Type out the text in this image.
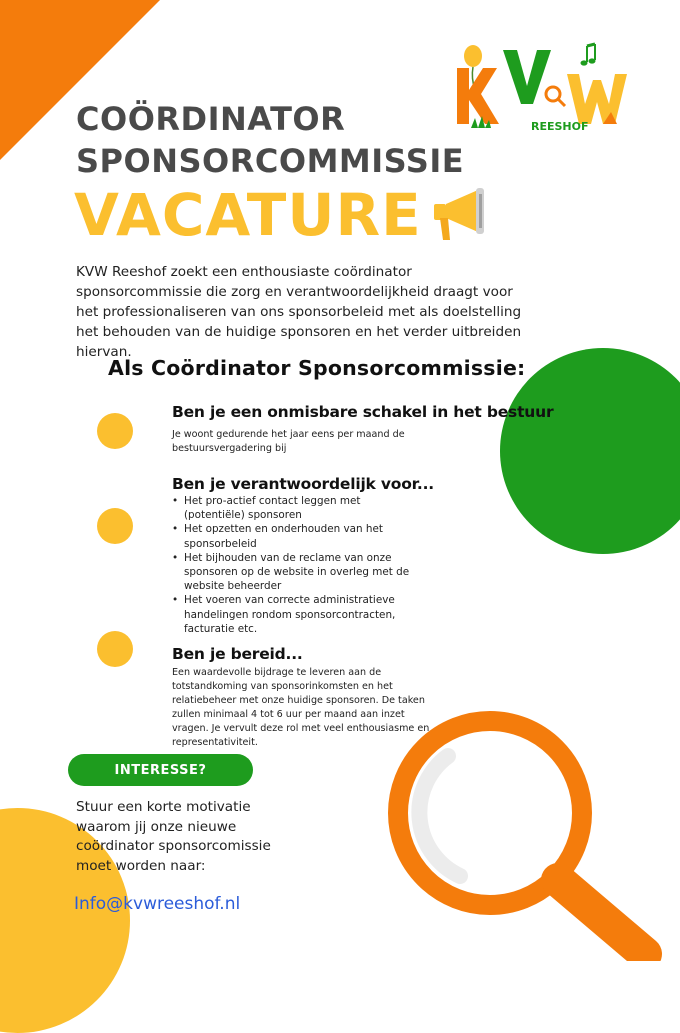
REESHOF
COÖRDINATOR
SPONSORCOMMISSIE
VACATURE
KVW Reeshof zoekt een enthousiaste coördinator sponsorcommissie die zorg en verantwoordelijkheid draagt voor het professionaliseren van ons sponsorbeleid met als doelstelling het behouden van de huidige sponsoren en het verder uitbreiden hiervan.
Als Coördinator Sponsorcommissie:
Ben je een onmisbare schakel in het bestuur
Je woont gedurende het jaar eens per maand de bestuursvergadering bij
Ben je verantwoordelijk voor...
• Het pro-actief contact leggen met (potentiële) sponsoren
• Het opzetten en onderhouden van het sponsorbeleid
• Het bijhouden van de reclame van onze sponsoren op de website in overleg met de website beheerder
• Het voeren van correcte administratieve handelingen rondom sponsorcontracten, facturatie etc.
Ben je bereid...
Een waardevolle bijdrage te leveren aan de totstandkoming van sponsorinkomsten en het relatiebeheer met onze huidige sponsoren. De taken zullen minimaal 4 tot 6 uur per maand aan inzet vragen. Je vervult deze rol met veel enthousiasme en representativiteit.
INTERESSE?
Stuur een korte motivatie waarom jij onze nieuwe coördinator sponsorcomissie moet worden naar:
Info@kvwreeshof.nl
